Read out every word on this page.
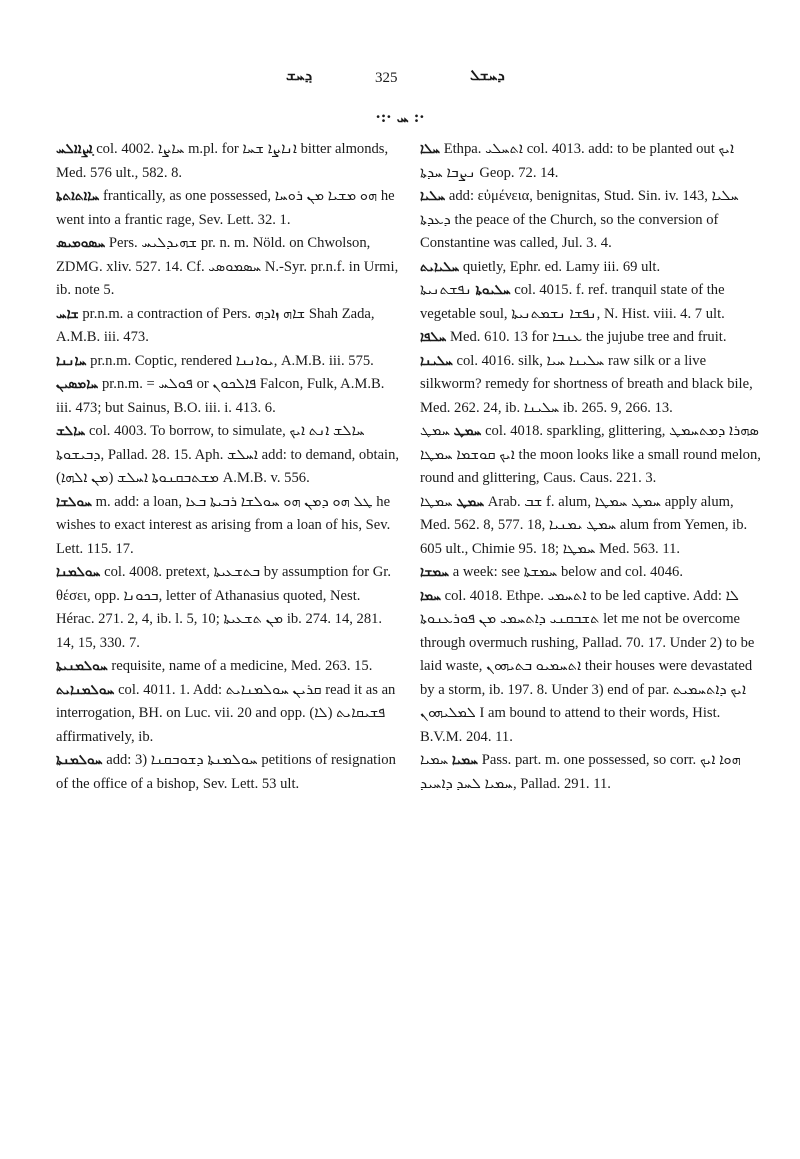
ܕ݂ܚܫ	325	ܕܚܫܠ
·:· ܚ :·

ܐ݂ܨܐܐܠܚ col. 4002. ܚܐܨܐ m.pl. for ܐܢܐܨܐ ܫܚܐ bitter almonds, Med. 576 ult., 582. 8.

ܚܐܐܬܐܬܬܐ frantically, as one possessed, ܗܘ ܡܫܝܐ ܡܢ ܪܘܚܐ he went into a frantic rage, Sev. Lett. 32. 1.

ܚܣܘܡܝܣ Pers. ܫܗܝܕܠܝܚ pr. n. m. Nöld. on Chwolson, ZDMG. xliv. 527. 14. Cf. ܚܣܡܘܣܝ N.-Syr. pr.n.f. in Urmi, ib. note 5.

ܫܐܚ pr.n.m. a contraction of Pers. ܫܐܗ ܙܐܕܗ Shah Zada, A.M.B. iii. 473.

ܚܐܢܢܐ pr.n.m. Coptic, rendered ܝܘܐܢܢܐ, A.M.B. iii. 575.

ܚܐܡܣܝܢ pr.n.m. = ܦܘܠܚ or ܦܐܠܟܘܢ Falcon, Fulk, A.M.B. iii. 473; but Sainus, B.O. iii. i. 413. 6.

ܚܐܠܫ col. 4003. To borrow, to simulate, ܚܐܠܫ ܐܢܬ ܐܝܟ ܕܒܝܫܘܬܐ, Pallad. 28. 15. Aph. ܐܚܠܫ add: to demand, obtain, ܡܫܬܒܩܢܘܬܐ ܐܚܠܫ (ܡܢ ܐܠܗܐ) A.M.B. v. 556.

ܚܘܠܫܐ m. add: a loan, ܛܠ ܗܘ ܕܡܢ ܗܘ ܚܘܠܫܐ ܪܒܝܬܐ ܒܥܐ he wishes to exact interest as arising from a loan of his, Sev. Lett. 115. 17.

ܚܘܠܡܢܐ col. 4008. pretext, ܒܬܫܥܝܬܐ by assumption for Gr. θέσει, opp. ܒܟܘܢܐ, letter of Athanasius quoted, Nest. Hérac. 271. 2, 4, ib. l. 5, 10; ܡܢ ܬܫܥܝܬܐ ib. 274. 14, 281. 14, 15, 330. 7.

ܚܘܠܡܢܝܬܐ requisite, name of a medicine, Med. 263. 15.

ܚܘܠܡܢܐܝܬ col. 4011. 1. Add: ܩܪܝܢ ܚܘܠܡܢܐܝܬ read it as an interrogation, BH. on Luc. vii. 20 and opp. (ܠܐ) ܦܫܝܩܐܝܬ affirmatively, ib.

ܚܘܠܡܢܬܐ add: 3) ܚܘܠܡܢܬܐ ܕܫܘܒܩܢܐ petitions of resignation of the office of a bishop, Sev. Lett. 53 ult.

ܚܠܐ Ethpa. ܐܬܚܠܝ col. 4013. add: to be planted out ܐܝܟ ܢܨܒܐ ܚܕܬܐ Geop. 72. 14.

ܚܠܝܐ add: εὐμένεια, benignitas, Stud. Sin. iv. 143, ܚܠܝܐ ܕܥܕܬܐ the peace of the Church, so the conversion of Constantine was called, Jul. 3. 4.

ܚܠܝܐܝܬ quietly, Ephr. ed. Lamy iii. 69 ult.

ܚܠܝܘܬܐ ܢܦܫܬܢܝܬܐ col. 4015. f. ref. tranquil state of the vegetable soul, ܢܦܫܐ ܢܫܡܬܢܝܬܐ, N. Hist. viii. 4. 7 ult.

ܚܠܦܐ Med. 610. 13 for ܥܢܒܐ the jujube tree and fruit.

ܚܠܝܢܐ col. 4016. silk, ܚܠܝܢܐ ܚܝܐ raw silk or a live silkworm? remedy for shortness of breath and black bile, Med. 262. 24, ib. ܚܠܝܢܐ ib. 265. 9, 266. 13.

ܚܡܛ ܚܡܛ col. 4018. sparkling, glittering, ܣܗܪܐ ܕܡܬܚܡܛ ܐܝܟ ܩܘܫܡܐ ܚܡܛܐ the moon looks like a small round melon, round and glittering, Caus. Caus. 221. 3.

ܚܡܛ ܚܡܛܐ Arab. ܫܒ f. alum, ܚܡܛ ܚܡܛܐ apply alum, Med. 562. 8, 577. 18, ܚܡܛ ܝܡܢܝܐ alum from Yemen, ib. 605 ult., Chimie 95. 18; ܚܡܛܐ Med. 563. 11.

ܚܡܫܐ a week: see ܚܡܫܬܐ below and col. 4046.

ܚܡܐ col. 4018. Ethpe. ܐܬܚܡܝ to be led captive. Add: ܠܐ ܬܫܒܩܢܝ ܕܐܬܚܡܝ ܡܢ ܦܘܪܥܢܘܬܐ let me not be overcome through overmuch rushing, Pallad. 70. 17. Under 2) to be laid waste, ܐܬܚܡܝܘ ܒܬܝܗܘܢ their houses were devastated by a storm, ib. 197. 8. Under 3) end of par. ܐܝܟ ܕܐܬܚܡܝܬ ܠܡܠܝܗܘܢ I am bound to attend to their words, Hist. B.V.M. 204. 11.

ܚܡܝܐ ܚܡܝܐ Pass. part. m. one possessed, so corr. ܗܘܐ ܐܝܟ ܚܡܝܐ ܠܚܕ ܕܐܚܝܕ, Pallad. 291. 11.
